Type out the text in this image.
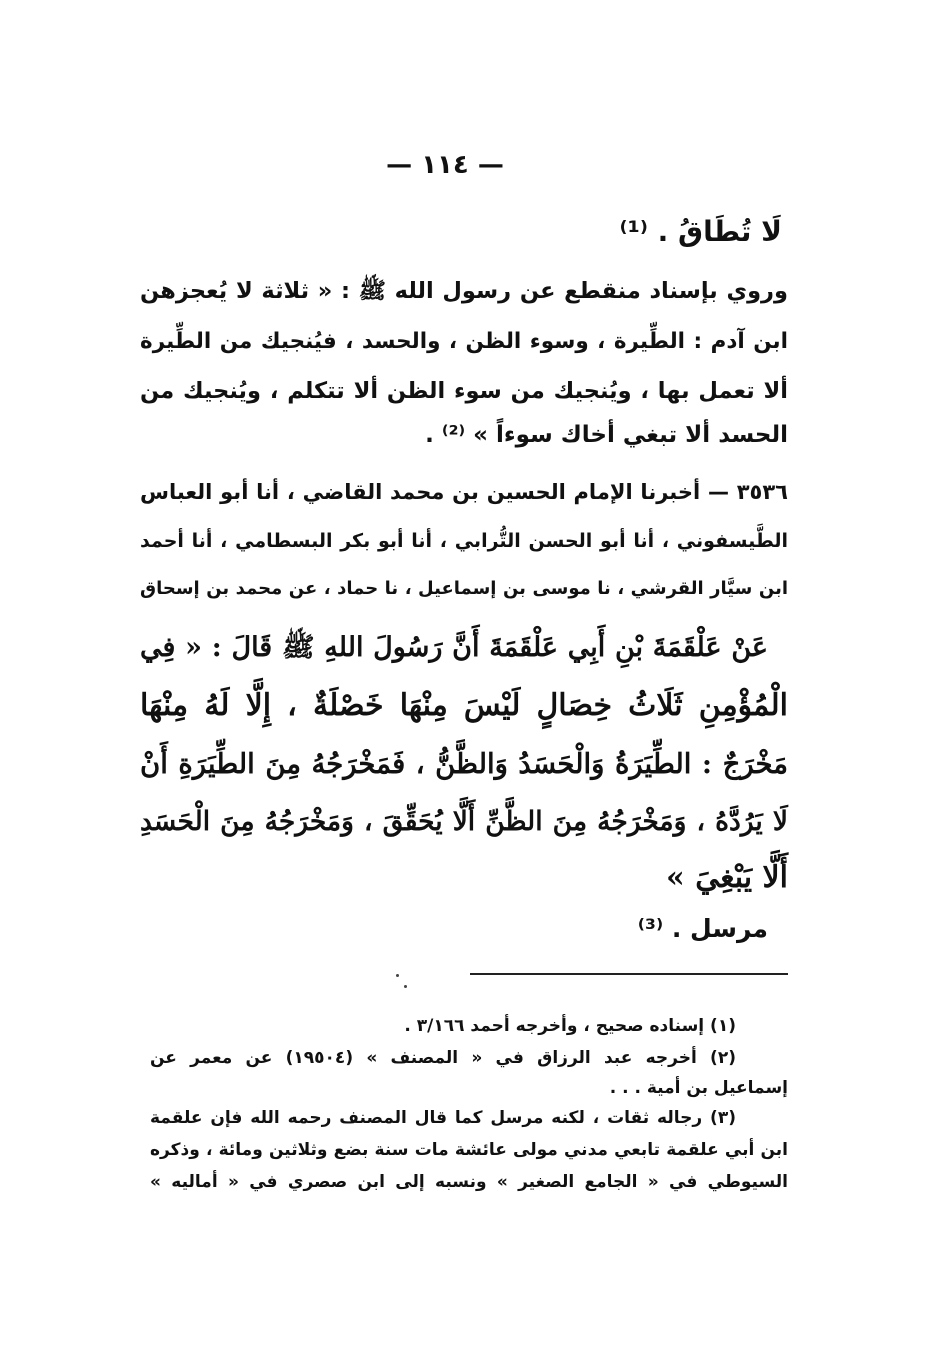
— ١١٤ —
لَا تُطَاقُ . ⁽¹⁾
وروي بإسناد منقطع عن رسول الله ﷺ : « ثلاثة لا يُعجزهن
ابن آدم : الطِّيرة ، وسوء الظن ، والحسد ، فيُنجيك من الطِّيرة
ألا تعمل بها ، ويُنجيك من سوء الظن ألا تتكلم ، ويُنجيك من
الحسد ألا تبغي أخاك سوءاً » ⁽²⁾ .
٣٥٣٦ — أخبرنا الإمام الحسين بن محمد القاضي ، أنا أبو العباس
الطَّيسفوني ، أنا أبو الحسن التُّرابي ، أنا أبو بكر البسطامي ، أنا أحمد
ابن سيَّار القرشي ، نا موسى بن إسماعيل ، نا حماد ، عن محمد بن إسحاق
عَنْ عَلْقَمَةَ بْنِ أَبِي عَلْقَمَةَ أَنَّ رَسُولَ اللهِ ﷺ قَالَ : « فِي
الْمُؤْمِنِ ثَلَاثُ خِصَالٍ لَيْسَ مِنْهَا خَصْلَةٌ ، إِلَّا لَهُ مِنْهَا
مَخْرَجٌ : الطِّيَرَةُ وَالْحَسَدُ وَالظَّنُّ ، فَمَخْرَجُهُ مِنَ الطِّيَرَةِ أَنْ
لَا يَرُدَّهُ ، وَمَخْرَجُهُ مِنَ الظَّنِّ أَلَّا يُحَقِّقَ ، وَمَخْرَجُهُ مِنَ الْحَسَدِ
أَلَّا يَبْغِيَ »
مرسل . ⁽³⁾
(١) إسناده صحيح ، وأخرجه أحمد ٣/١٦٦ .
(٢) أخرجه عبد الرزاق في « المصنف » (١٩٥٠٤) عن معمر عن
إسماعيل بن أمية . . .
(٣) رجاله ثقات ، لكنه مرسل كما قال المصنف رحمه الله فإن علقمة
ابن أبي علقمة تابعي مدني مولى عائشة مات سنة بضع وثلاثين ومائة ، وذكره
السيوطي في « الجامع الصغير » ونسبه إلى ابن صصري في « أماليه »
